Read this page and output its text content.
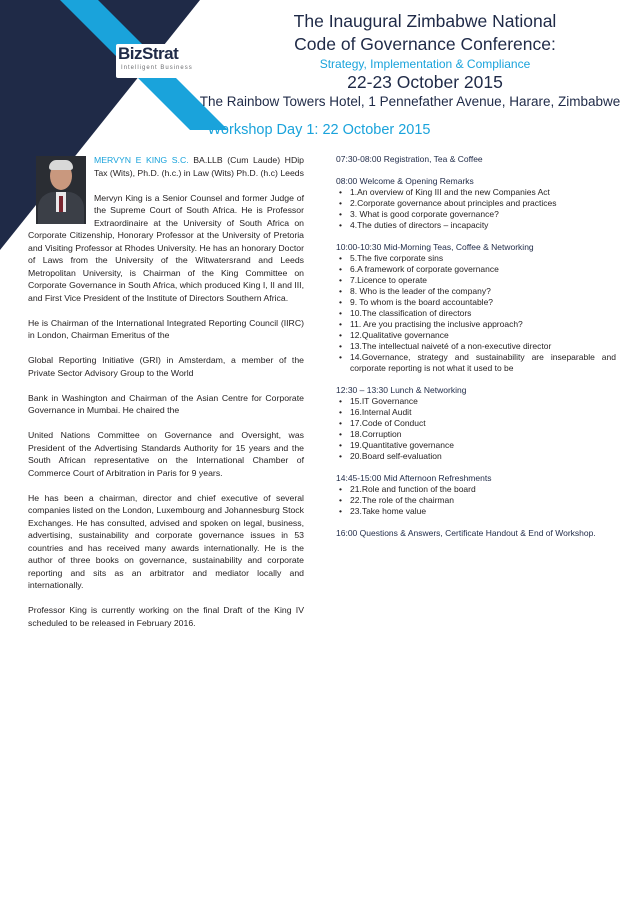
BizStrat
Intelligent Business
The Inaugural Zimbabwe National
Code of Governance Conference:
Strategy, Implementation & Compliance
22-23 October 2015
The Rainbow Towers Hotel, 1 Pennefather Avenue, Harare, Zimbabwe
Workshop Day 1: 22 October 2015

MERVYN E KING S.C. BA.LLB (Cum Laude) HDip Tax (Wits), Ph.D. (h.c.) in Law (Wits) Ph.D. (h.c) Leeds

Mervyn King is a Senior Counsel and former Judge of the Supreme Court of South Africa. He is Professor Extraordinaire at the University of South Africa on Corporate Citizenship, Honorary Professor at the University of Pretoria and Visiting Professor at Rhodes University. He has an honorary Doctor of Laws from the University of the Witwatersrand and Leeds Metropolitan University, is Chairman of the King Committee on Corporate Governance in South Africa, which produced King I, II and III, and First Vice President of the Institute of Directors Southern Africa.

He is Chairman of the International Integrated Reporting Council (IIRC) in London, Chairman Emeritus of the

Global Reporting Initiative (GRI) in Amsterdam, a member of the Private Sector Advisory Group to the World

Bank in Washington and Chairman of the Asian Centre for Corporate Governance in Mumbai. He chaired the

United Nations Committee on Governance and Oversight, was President of the Advertising Standards Authority for 15 years and the South African representative on the International Chamber of Commerce Court of Arbitration in Paris for 9 years.

He has been a chairman, director and chief executive of several companies listed on the London, Luxembourg and Johannesburg Stock Exchanges. He has consulted, advised and spoken on legal, business, advertising, sustainability and corporate governance issues in 53 countries and has received many awards internationally. He is the author of three books on governance, sustainability and corporate reporting and sits as an arbitrator and mediator locally and internationally.

Professor King is currently working on the final Draft of the King IV scheduled to be released in February 2016.

07:30-08:00 Registration, Tea & Coffee
08:00 Welcome & Opening Remarks
• 1.An overview of King III and the new Companies Act
• 2.Corporate governance about principles and practices
• 3. What is good corporate governance?
• 4.The duties of directors – incapacity
10:00-10:30 Mid-Morning Teas, Coffee & Networking
• 5.The five corporate sins
• 6.A framework of corporate governance
• 7.Licence to operate
• 8. Who is the leader of the company?
• 9. To whom is the board accountable?
• 10.The classification of directors
• 11. Are you practising the inclusive approach?
• 12.Qualitative governance
• 13.The intellectual naiveté of a non-executive director
• 14.Governance, strategy and sustainability are inseparable and corporate reporting is not what it used to be
12:30 – 13:30 Lunch & Networking
• 15.IT Governance
• 16.Internal Audit
• 17.Code of Conduct
• 18.Corruption
• 19.Quantitative governance
• 20.Board self-evaluation
14:45-15:00 Mid Afternoon Refreshments
• 21.Role and function of the board
• 22.The role of the chairman
• 23.Take home value
16:00 Questions & Answers, Certificate Handout & End of Workshop.
